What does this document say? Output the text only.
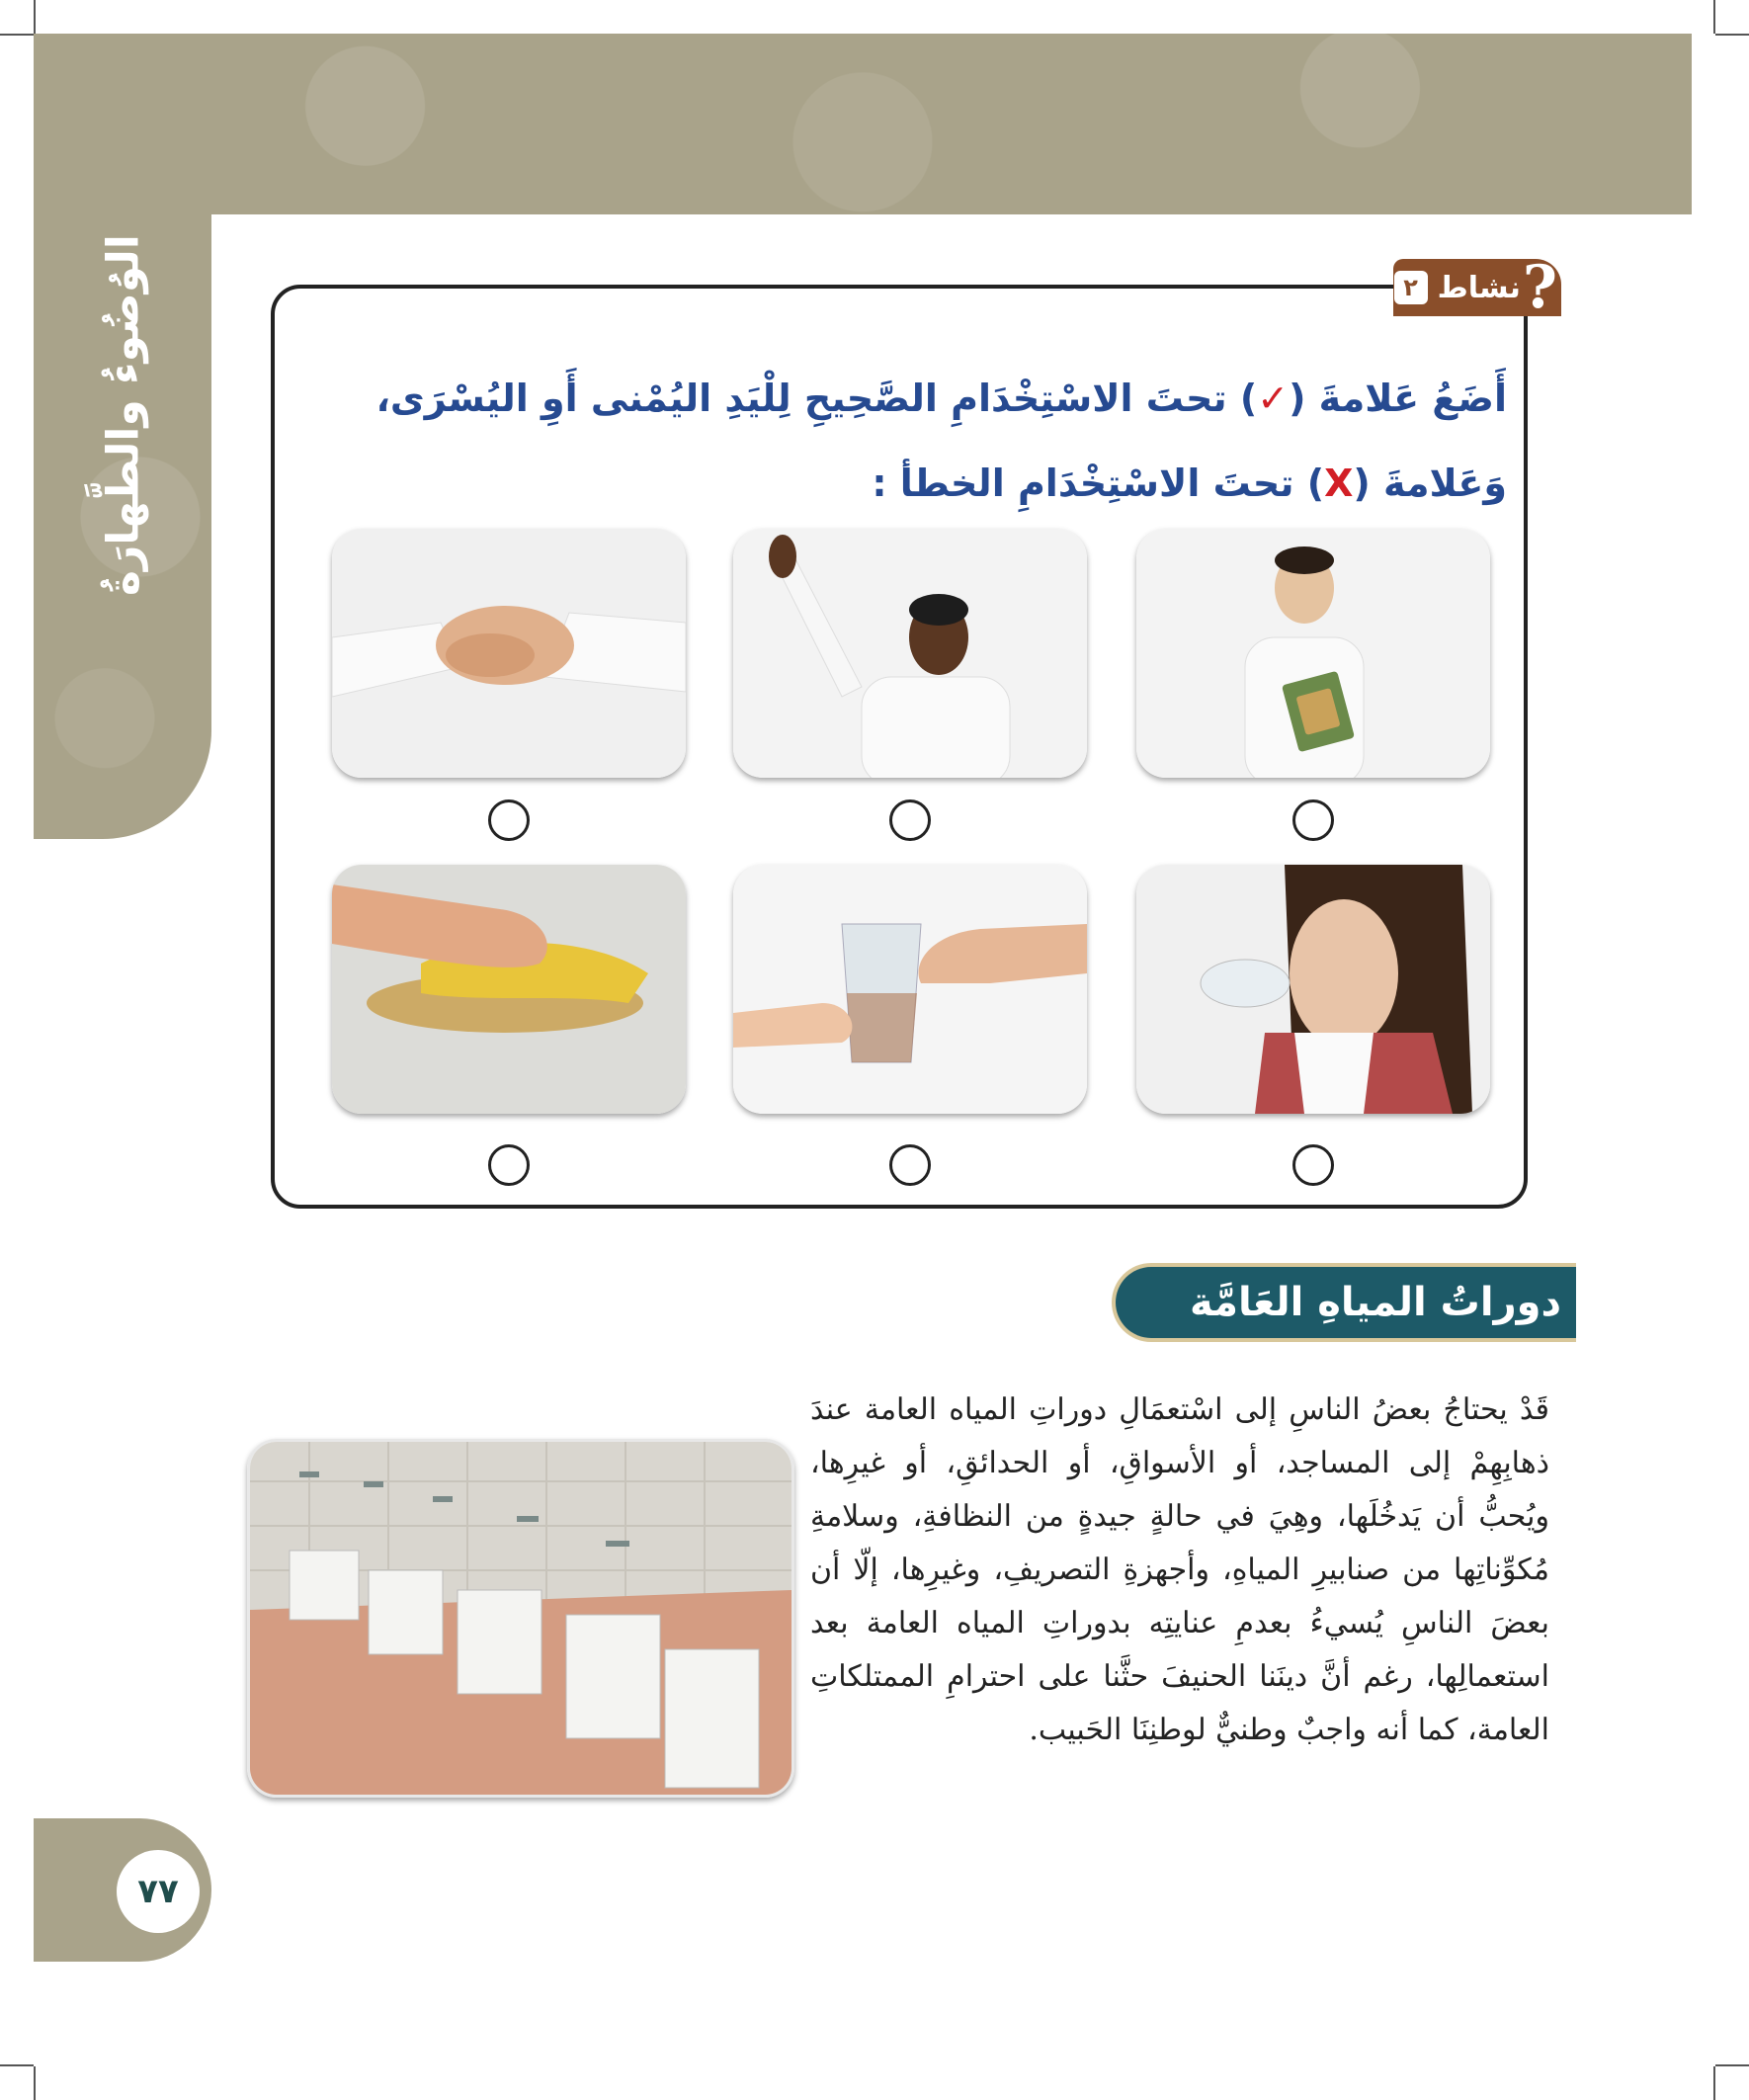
الوُضُوءُ والطَّهارَةُ
٧٧
?
نشاط
٢
أَضَعُ عَلامةَ (✓) تحتَ الاسْتِخْدَامِ الصَّحِيحِ لِلْيَدِ اليُمْنى أَوِ اليُسْرَى،
وَعَلامةَ (X) تحتَ الاسْتِخْدَامِ الخطأ :
دوراتُ المياهِ العَامَّة

قَدْ يحتاجُ بعضُ الناسِ إلى اسْتعمَالِ دوراتِ المياه العامة عندَ ذهابِهِمْ إلى المساجد، أو الأسواقِ، أو الحدائقِ، أو غيرِها، ويُحبُّ أن يَدخُلَها، وهِيَ في حالةٍ جيدةٍ من النظافةِ، وسلامةِ مُكوِّناتِها من صنابيرِ المياهِ، وأجهزةِ التصريفِ، وغيرِها، إلّا أن بعضَ الناسِ يُسيءُ بعدمِ عنايتِه بدوراتِ المياه العامة بعد استعمالِها، رغم أنَّ دينَنا الحنيفَ حثَّنا على احترامِ الممتلكاتِ العامة، كما أنه واجبٌ وطنيٌّ لوطنِنَا الحَبيب.
